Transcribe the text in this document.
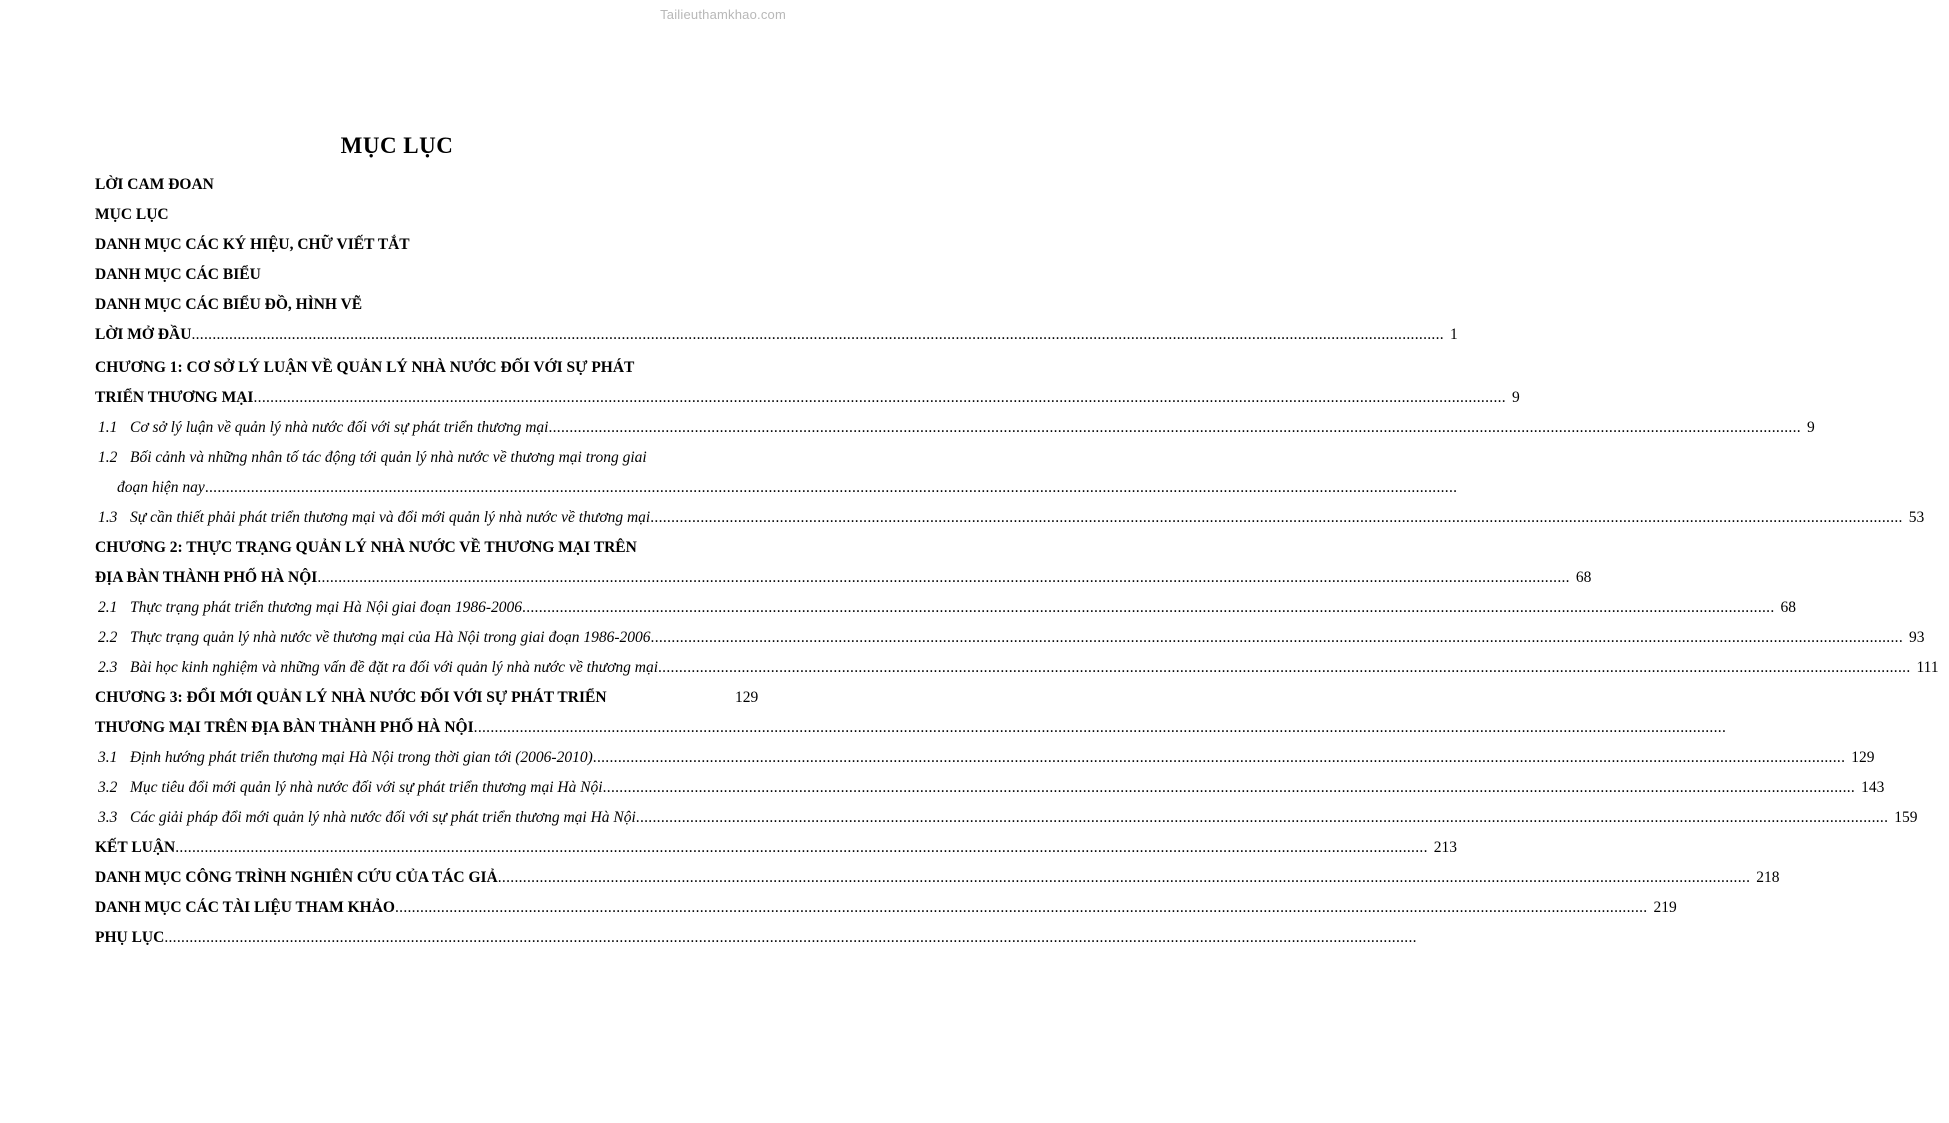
Tailieuthamkhao.com
MỤC LỤC
LỜI CAM ĐOAN
MỤC LỤC
DANH MỤC CÁC KÝ HIỆU, CHỮ VIẾT TẮT
DANH MỤC CÁC BIỂU
DANH MỤC CÁC BIỂU ĐỒ, HÌNH VẼ
LỜI MỞ ĐẦU ............................................................................................................................................................................................................................................................................................................ 1
CHƯƠNG 1: CƠ SỞ LÝ LUẬN VỀ QUẢN LÝ NHÀ NƯỚC ĐỐI VỚI SỰ PHÁT
TRIỂN THƯƠNG MẠI ............................................................................................................................................................................................................................................................................................................ 9
1.1 Cơ sở lý luận về quản lý nhà nước đối với sự phát triển thương mại ............................................................................................................................................................................................................................................................................................................ 9
1.2 Bối cảnh và những nhân tố tác động tới quản lý nhà nước về thương mại trong giai
đoạn hiện nay ............................................................................................................................................................................................................................................................................................................
1.3 Sự cần thiết phải phát triển thương mại và đổi mới quản lý nhà nước về thương mại ............................................................................................................................................................................................................................................................................................................ 53
CHƯƠNG 2: THỰC TRẠNG QUẢN LÝ NHÀ NƯỚC VỀ THƯƠNG MẠI TRÊN
ĐỊA BÀN THÀNH PHỐ HÀ NỘI ............................................................................................................................................................................................................................................................................................................ 68
2.1 Thực trạng phát triển thương mại Hà Nội giai đoạn 1986-2006 ............................................................................................................................................................................................................................................................................................................ 68
2.2 Thực trạng quản lý nhà nước về thương mại của Hà Nội trong giai đoạn 1986-2006 ............................................................................................................................................................................................................................................................................................................ 93
2.3 Bài học kinh nghiệm và những vấn đề đặt ra đối với quản lý nhà nước về thương mại ............................................................................................................................................................................................................................................................................................................ 111
CHƯƠNG 3: ĐỔI MỚI QUẢN LÝ NHÀ NƯỚC ĐỐI VỚI SỰ PHÁT TRIỂN	129
THƯƠNG MẠI TRÊN ĐỊA BÀN THÀNH PHỐ HÀ NỘI ............................................................................................................................................................................................................................................................................................................
3.1 Định hướng phát triển thương mại Hà Nội trong thời gian tới (2006-2010) ............................................................................................................................................................................................................................................................................................................ 129
3.2 Mục tiêu đổi mới quản lý nhà nước đối với sự phát triển thương mại Hà Nội ............................................................................................................................................................................................................................................................................................................ 143
3.3 Các giải pháp đổi mới quản lý nhà nước đối với sự phát triển thương mại Hà Nội ............................................................................................................................................................................................................................................................................................................ 159
KẾT LUẬN ............................................................................................................................................................................................................................................................................................................ 213
DANH MỤC CÔNG TRÌNH NGHIÊN CỨU CỦA TÁC GIẢ ............................................................................................................................................................................................................................................................................................................ 218
DANH MỤC CÁC TÀI LIỆU THAM KHẢO ............................................................................................................................................................................................................................................................................................................ 219
PHỤ LỤC ............................................................................................................................................................................................................................................................................................................
